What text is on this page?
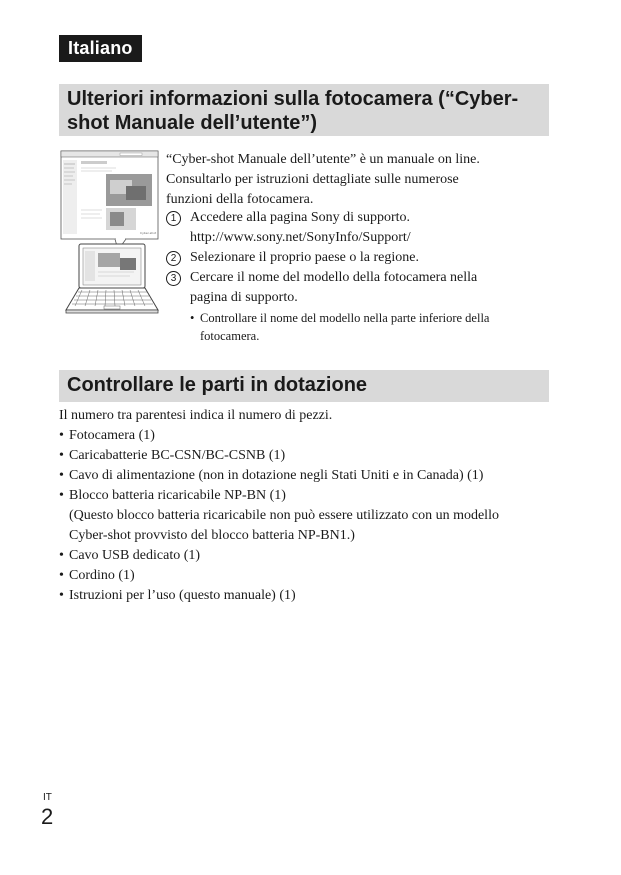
Italiano
Ulteriori informazioni sulla fotocamera (“Cyber-shot Manuale dell’utente”)
Cyber-shot

“Cyber-shot Manuale dell’utente” è un manuale on line.

Consultarlo per istruzioni dettagliate sulle numerose

funzioni della fotocamera.

1 Accedere alla pagina Sony di supporto.
http://www.sony.net/SonyInfo/Support/
2 Selezionare il proprio paese o la regione.
3 Cercare il nome del modello della fotocamera nella
pagina di supporto.
• Controllare il nome del modello nella parte inferiore della
fotocamera.
Controllare le parti in dotazione

Il numero tra parentesi indica il numero di pezzi.

• Fotocamera (1)
• Caricabatterie BC-CSN/BC-CSNB (1)
• Cavo di alimentazione (non in dotazione negli Stati Uniti e in Canada) (1)
• Blocco batteria ricaricabile NP-BN (1)
(Questo blocco batteria ricaricabile non può essere utilizzato con un modello
Cyber-shot provvisto del blocco batteria NP-BN1.)
• Cavo USB dedicato (1)
• Cordino (1)
• Istruzioni per l’uso (questo manuale) (1)
IT
2
